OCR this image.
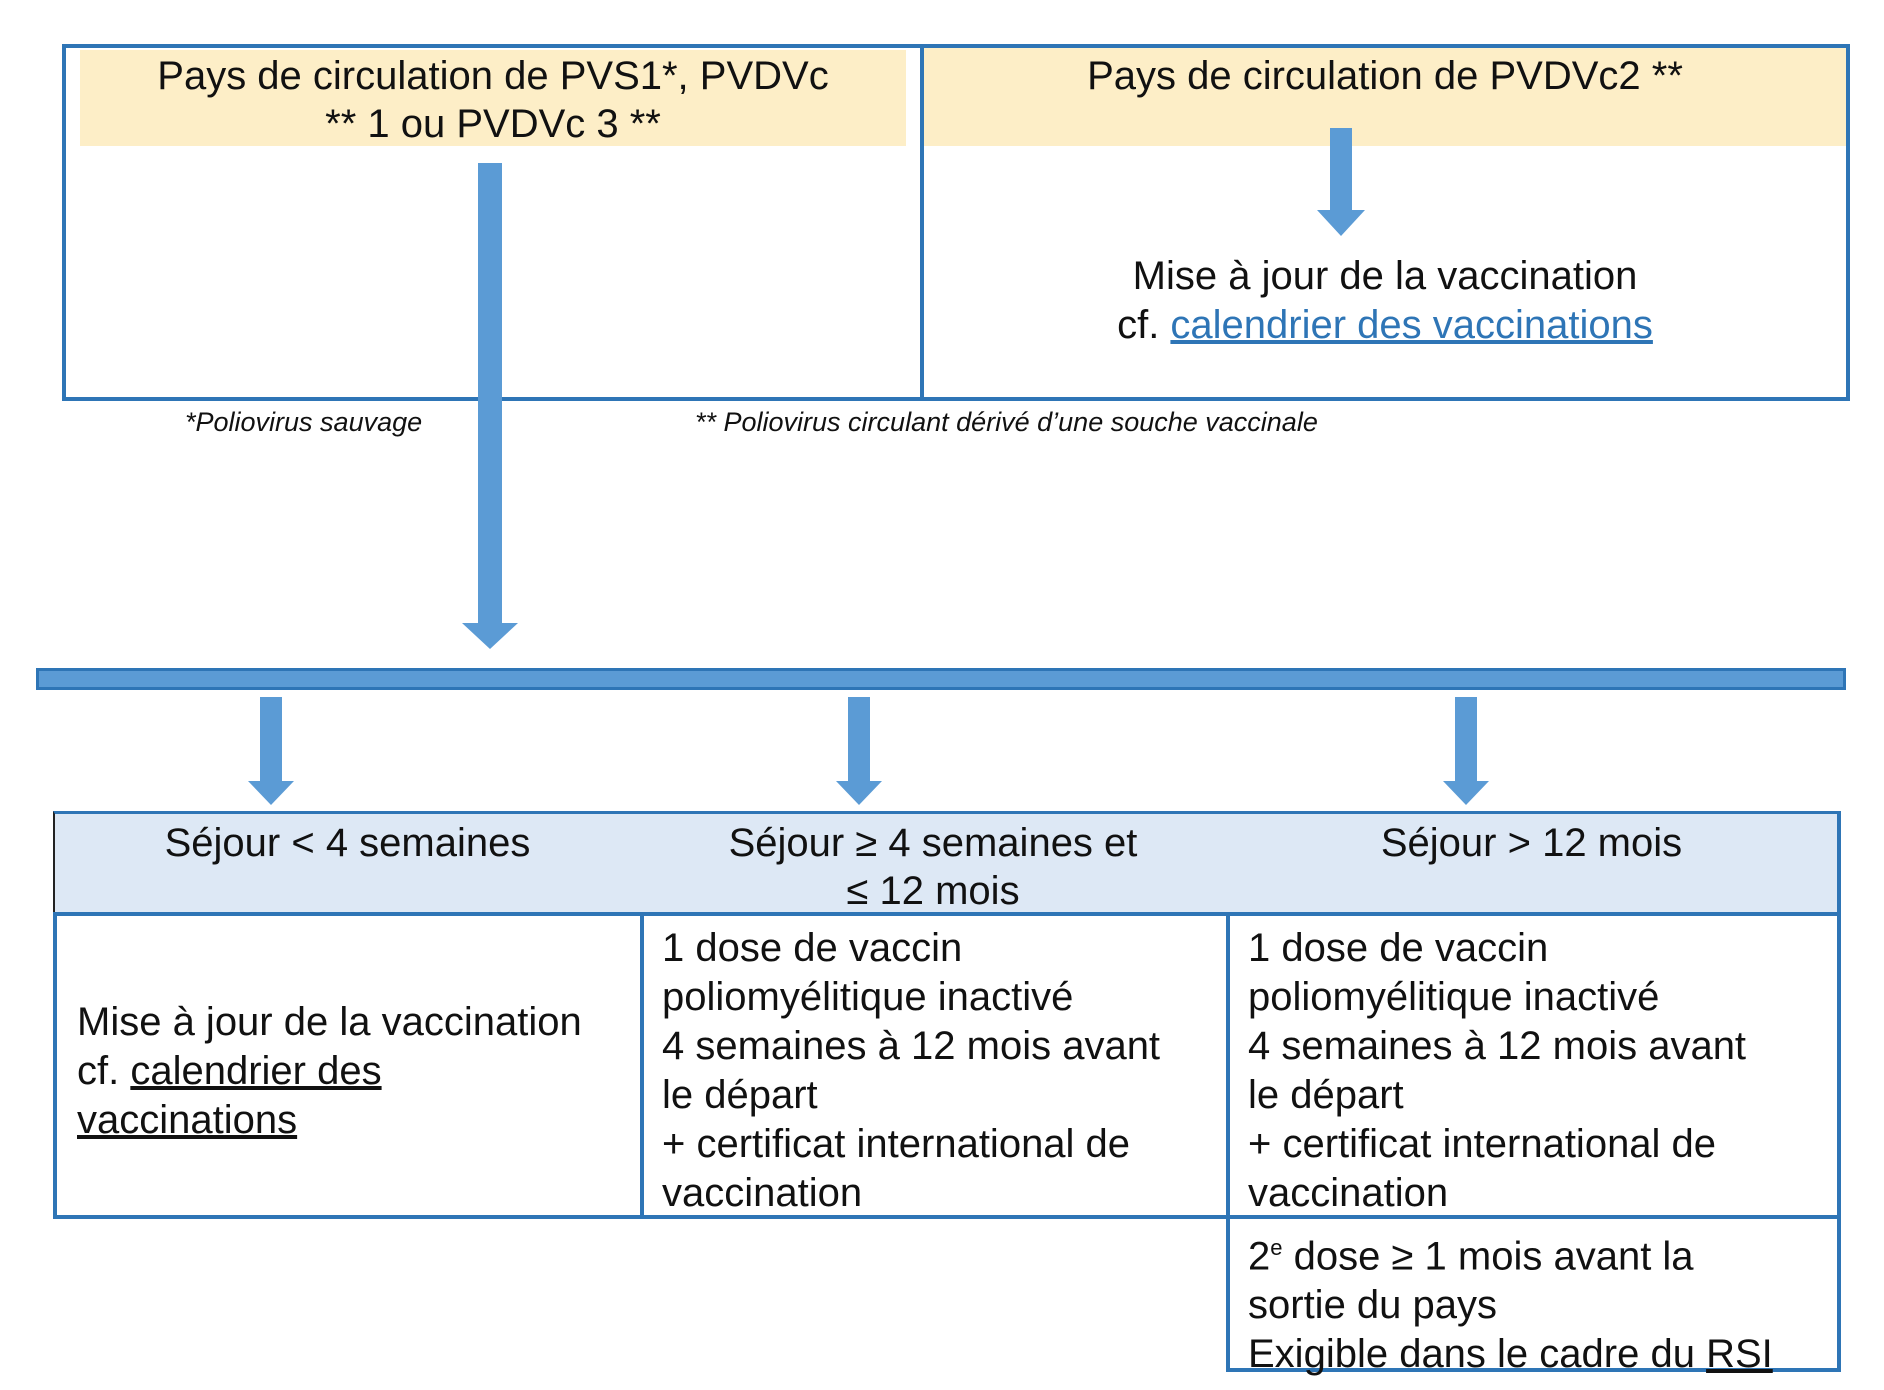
Pays de circulation de PVS1*, PVDVc ** 1 ou PVDVc 3 **
Pays de circulation de PVDVc2 **
Mise à jour de la vaccination
cf. calendrier des vaccinations
*Poliovirus sauvage	** Poliovirus circulant dérivé d’une souche vaccinale
Séjour < 4 semaines	Séjour ≥ 4 semaines et ≤ 12 mois
Séjour > 12 mois
Mise à jour de la vaccination
cf. calendrier des vaccinations
1 dose de vaccin
poliomyélitique inactivé
4 semaines à 12 mois avant
le départ
+ certificat international de
vaccination
1 dose de vaccin
poliomyélitique inactivé
4 semaines à 12 mois avant
le départ
+ certificat international de
vaccination
2e dose ≥ 1 mois avant la
sortie du pays
Exigible dans le cadre du RSI
